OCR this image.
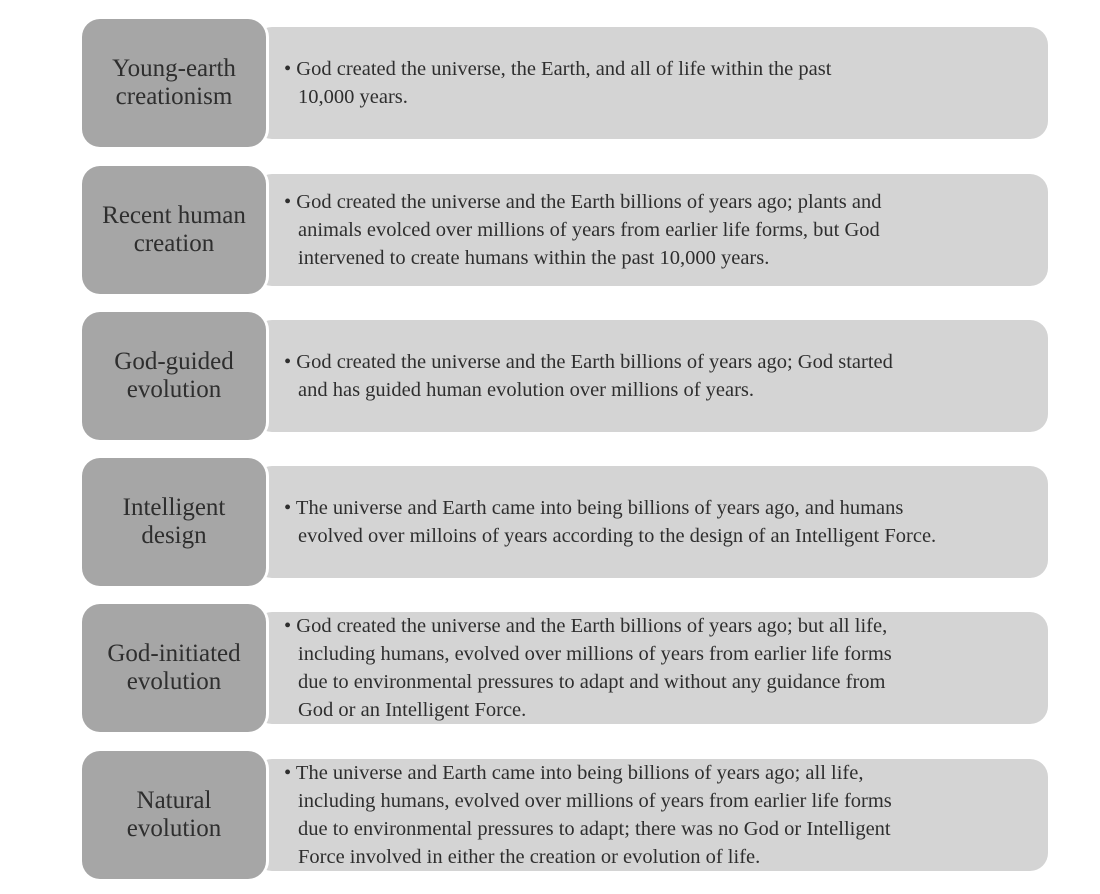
Young-earth
creationism
• God created the universe, the Earth, and all of life within the past
10,000 years.
Recent human
creation
• God created the universe and the Earth billions of years ago; plants and
animals evolced over millions of years from earlier life forms, but God
intervened to create humans within the past 10,000 years.
God-guided
evolution
• God created the universe and the Earth billions of years ago; God started
and has guided human evolution over millions of years.
Intelligent
design
• The universe and Earth came into being billions of years ago, and humans
evolved over milloins of years according to the design of an Intelligent Force.
God-initiated
evolution
• God created the universe and the Earth billions of years ago; but all life,
including humans, evolved over millions of years from earlier life forms
due to environmental pressures to adapt and without any guidance from
God or an Intelligent Force.
Natural
evolution
• The universe and Earth came into being billions of years ago; all life,
including humans, evolved over millions of years from earlier life forms
due to environmental pressures to adapt; there was no God or Intelligent
Force involved in either the creation or evolution of life.
